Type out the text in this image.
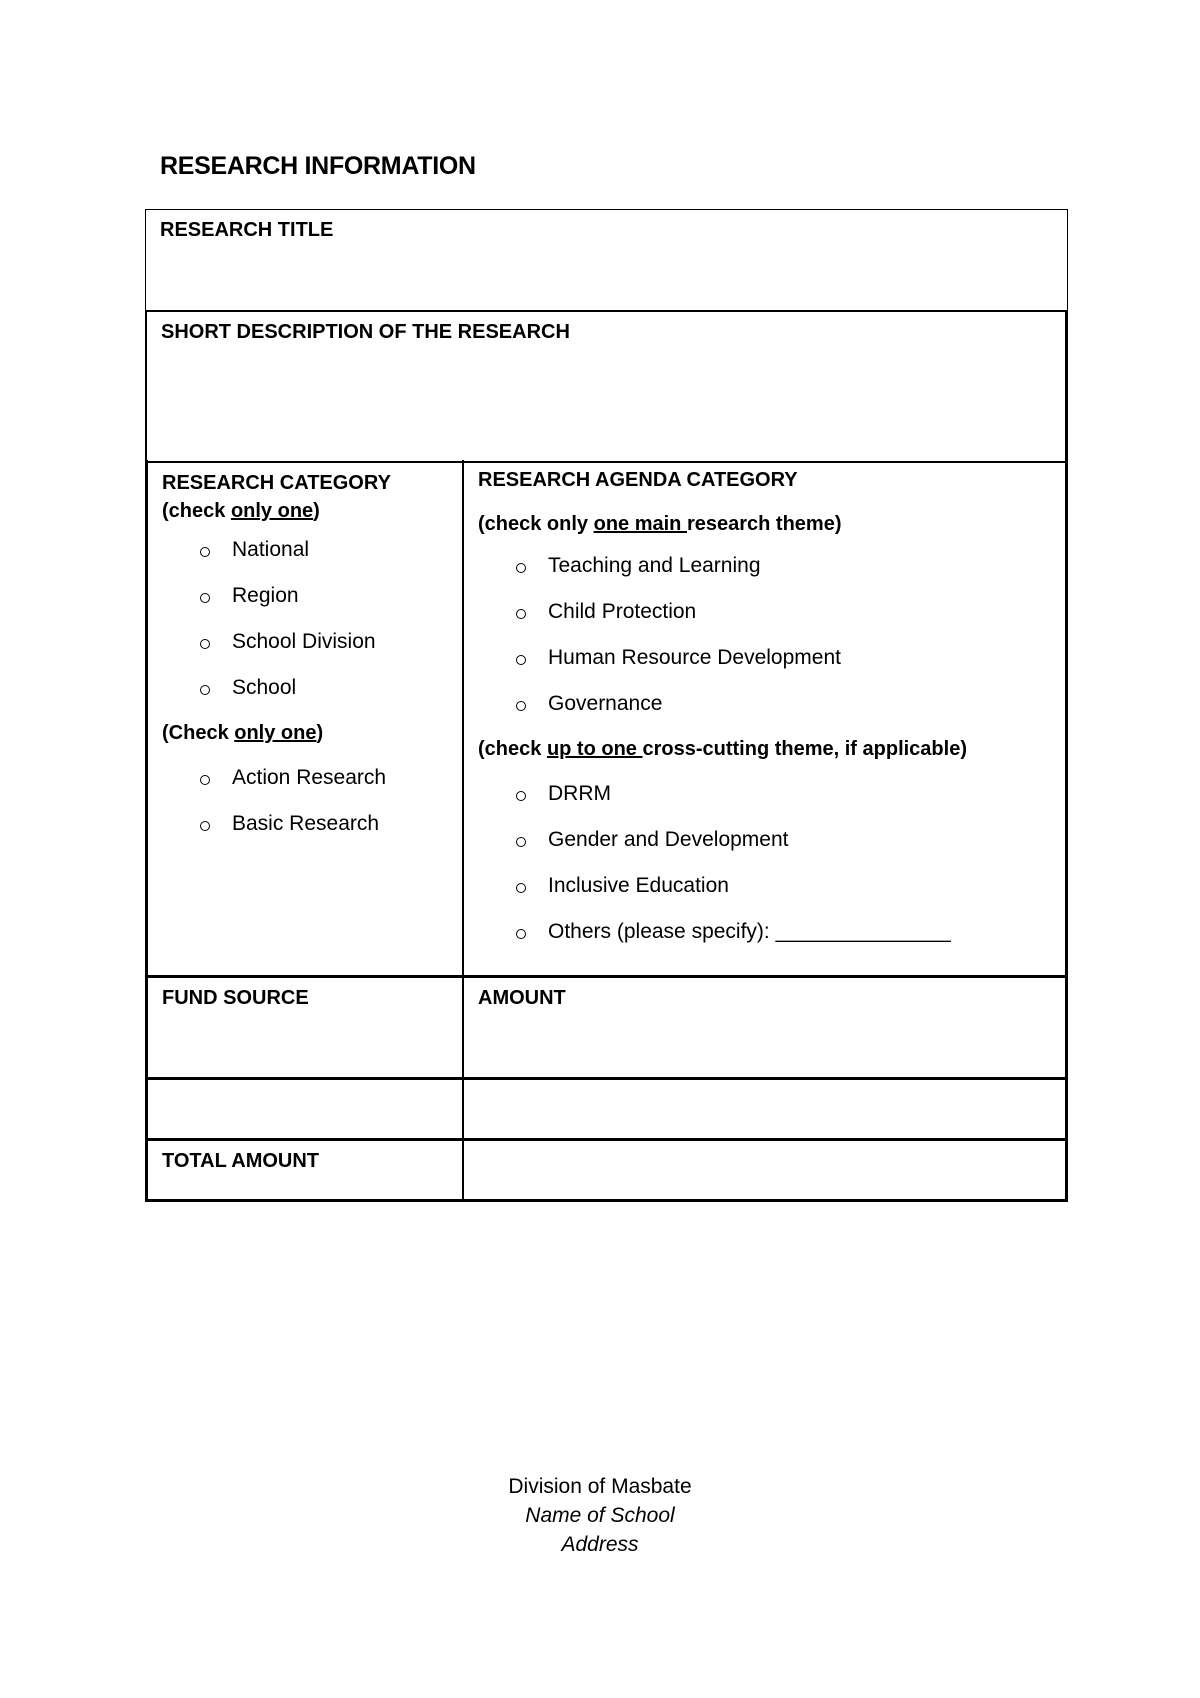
RESEARCH INFORMATION
RESEARCH TITLE
SHORT DESCRIPTION OF THE RESEARCH
RESEARCH CATEGORY
(check only one)
National
Region
School Division
School
(Check only one)
Action Research
Basic Research
RESEARCH AGENDA CATEGORY
(check only one main research theme)
Teaching and Learning
Child Protection
Human Resource Development
Governance
(check up to one cross-cutting theme, if applicable)
DRRM
Gender and Development
Inclusive Education
Others (please specify): _______________
FUND SOURCE	AMOUNT
TOTAL AMOUNT
Division of Masbate
Name of School
Address
